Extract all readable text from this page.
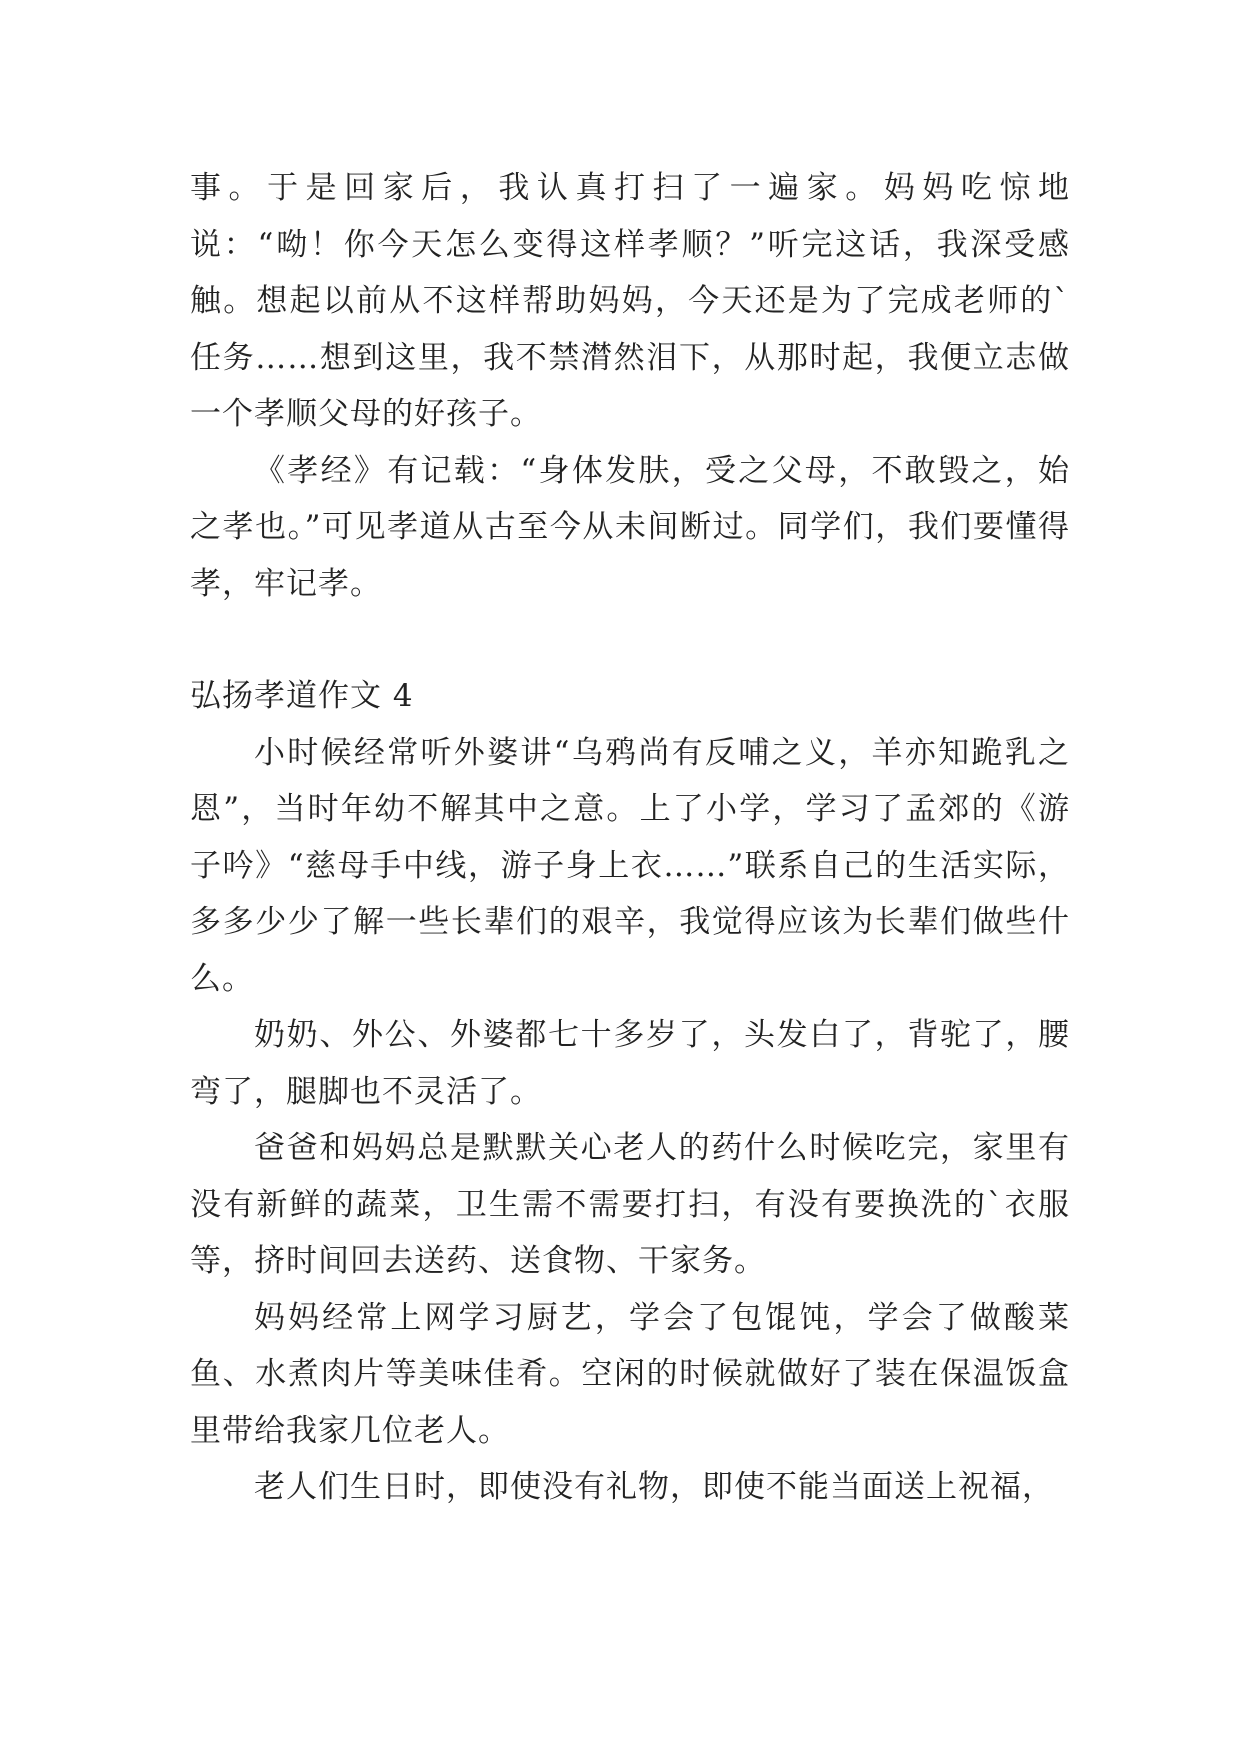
事。于是回家后，我认真打扫了一遍家。妈妈吃惊地说：“呦！你今天怎么变得这样孝顺？”听完这话，我深受感触。想起以前从不这样帮助妈妈，今天还是为了完成老师的`任务……想到这里，我不禁潸然泪下，从那时起，我便立志做一个孝顺父母的好孩子。

《孝经》有记载：“身体发肤，受之父母，不敢毁之，始之孝也。”可见孝道从古至今从未间断过。同学们，我们要懂得孝，牢记孝。

弘扬孝道作文 4

小时候经常听外婆讲“乌鸦尚有反哺之义，羊亦知跪乳之恩”，当时年幼不解其中之意。上了小学，学习了孟郊的《游子吟》“慈母手中线，游子身上衣……”联系自己的生活实际，多多少少了解一些长辈们的艰辛，我觉得应该为长辈们做些什么。

奶奶、外公、外婆都七十多岁了，头发白了，背驼了，腰弯了，腿脚也不灵活了。

爸爸和妈妈总是默默关心老人的药什么时候吃完，家里有没有新鲜的蔬菜，卫生需不需要打扫，有没有要换洗的`衣服等，挤时间回去送药、送食物、干家务。

妈妈经常上网学习厨艺，学会了包馄饨，学会了做酸菜鱼、水煮肉片等美味佳肴。空闲的时候就做好了装在保温饭盒里带给我家几位老人。

老人们生日时，即使没有礼物，即使不能当面送上祝福，
